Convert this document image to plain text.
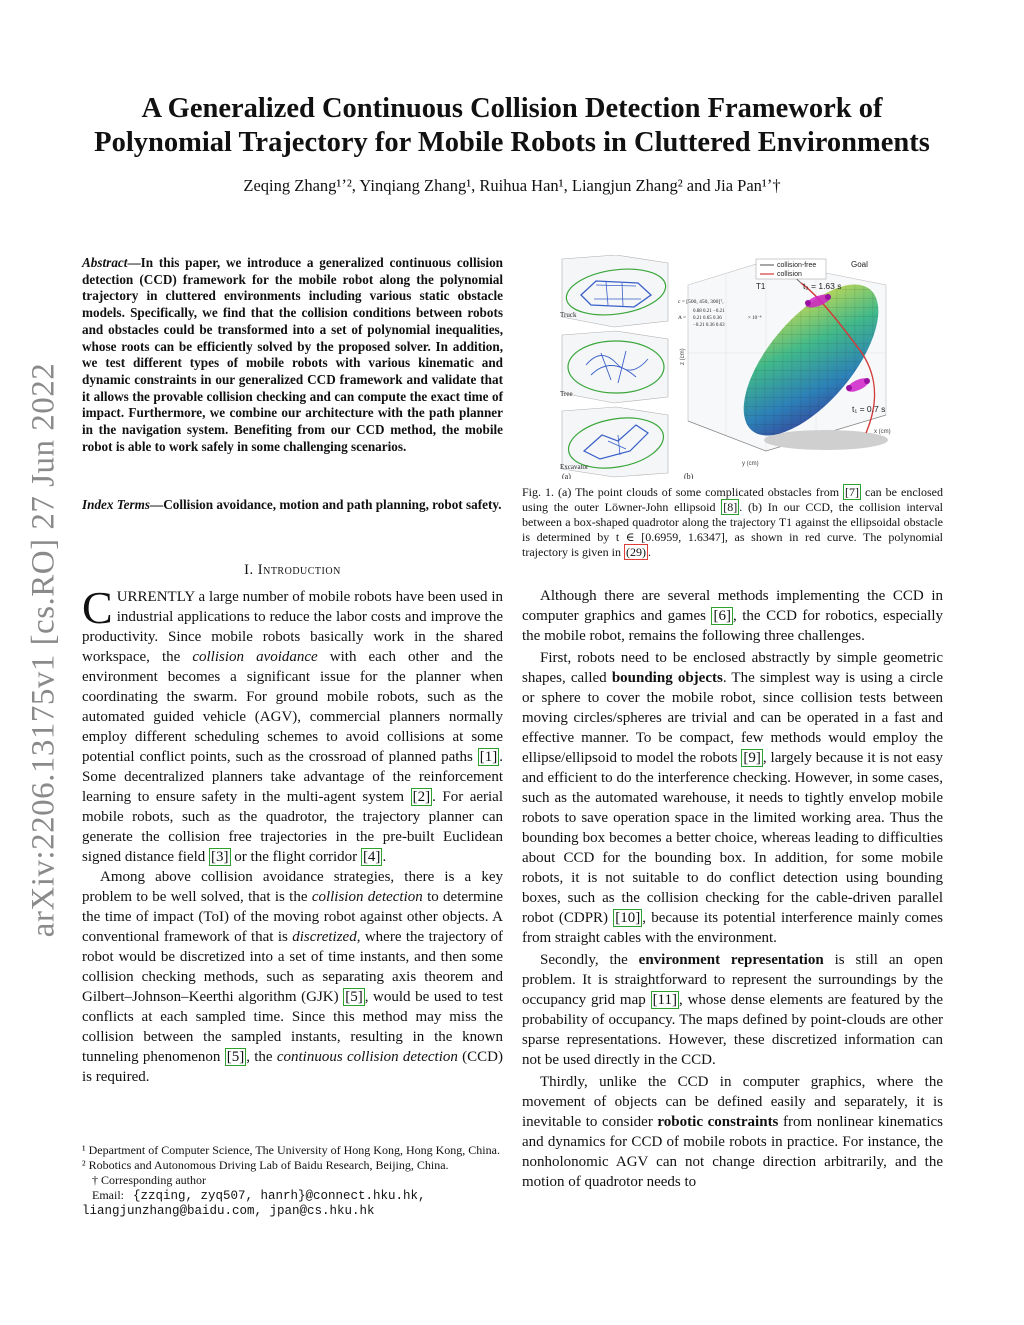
arXiv:2206.13175v1 [cs.RO] 27 Jun 2022
A Generalized Continuous Collision Detection Framework of
Polynomial Trajectory for Mobile Robots in Cluttered Environments
Zeqing Zhang¹ʼ², Yinqiang Zhang¹, Ruihua Han¹, Liangjun Zhang² and Jia Pan¹ʼ†
Abstract—In this paper, we introduce a generalized continuous collision detection (CCD) framework for the mobile robot along the polynomial trajectory in cluttered environments including various static obstacle models. Specifically, we find that the collision conditions between robots and obstacles could be transformed into a set of polynomial inequalities, whose roots can be efficiently solved by the proposed solver. In addition, we test different types of mobile robots with various kinematic and dynamic constraints in our generalized CCD framework and validate that it allows the provable collision checking and can compute the exact time of impact. Furthermore, we combine our architecture with the path planner in the navigation system. Benefiting from our CCD method, the mobile robot is able to work safely in some challenging scenarios.
Index Terms—Collision avoidance, motion and path planning, robot safety.
I. Introduction

CURRENTLY a large number of mobile robots have been used in industrial applications to reduce the labor costs and improve the productivity. Since mobile robots basically work in the shared workspace, the collision avoidance with each other and the environment becomes a significant issue for the planner when coordinating the swarm. For ground mobile robots, such as the automated guided vehicle (AGV), commercial planners normally employ different scheduling schemes to avoid collisions at some potential conflict points, such as the crossroad of planned paths [1] . Some decentralized planners take advantage of the reinforcement learning to ensure safety in the multi-agent system [2] . For aerial mobile robots, such as the quadrotor, the trajectory planner can generate the collision free trajectories in the pre-built Euclidean signed distance field [3] or the flight corridor [4] .

Among above collision avoidance strategies, there is a key problem to be well solved, that is the collision detection to determine the time of impact (ToI) of the moving robot against other objects. A conventional framework of that is discretized, where the trajectory of robot would be discretized into a set of time instants, and then some collision checking methods, such as separating axis theorem and Gilbert–Johnson–Keerthi algorithm (GJK) [5] , would be used to test conflicts at each sampled time. Since this method may miss the collision between the sampled instants, resulting in the known tunneling phenomenon [5] , the continuous collision detection (CCD) is required.

¹ Department of Computer Science, The University of Hong Kong, Hong Kong, China.

² Robotics and Autonomous Driving Lab of Baidu Research, Beijing, China.

† Corresponding author

Email: {zzqing, zyq507, hanrh}@connect.hku.hk,

liangjunzhang@baidu.com, jpan@cs.hku.hk

Truck
Tree
Excavator
(a)
collision-free
collision
Goal
T1	t₂ = 1.63 s
t₁ = 0.7 s
c = [500, 450, 300]ᵀ,
A =
0.88 0.21 −0.21
0.21 0.65 0.36
−0.21 0.36 0.63
× 10⁻⁴
y (cm)
x (cm)
z (cm)
(b)
Fig. 1. (a) The point clouds of some complicated obstacles from [7] can be enclosed using the outer Löwner-John ellipsoid [8] . (b) In our CCD, the collision interval between a box-shaped quadrotor along the trajectory T1 against the ellipsoidal obstacle is determined by t ∈ [0.6959, 1.6347], as shown in red curve. The polynomial trajectory is given in (29) .

Although there are several methods implementing the CCD in computer graphics and games [6] , the CCD for robotics, especially the mobile robot, remains the following three challenges.

First, robots need to be enclosed abstractly by simple geometric shapes, called bounding objects. The simplest way is using a circle or sphere to cover the mobile robot, since collision tests between moving circles/spheres are trivial and can be operated in a fast and effective manner. To be compact, few methods would employ the ellipse/ellipsoid to model the robots [9] , largely because it is not easy and efficient to do the interference checking. However, in some cases, such as the automated warehouse, it needs to tightly envelop mobile robots to save operation space in the limited working area. Thus the bounding box becomes a better choice, whereas leading to difficulties about CCD for the bounding box. In addition, for some mobile robots, it is not suitable to do conflict detection using bounding boxes, such as the collision checking for the cable-driven parallel robot (CDPR) [10] , because its potential interference mainly comes from straight cables with the environment.

Secondly, the environment representation is still an open problem. It is straightforward to represent the surroundings by the occupancy grid map [11] , whose dense elements are featured by the probability of occupancy. The maps defined by point-clouds are other sparse representations. However, these discretized information can not be used directly in the CCD.

Thirdly, unlike the CCD in computer graphics, where the movement of objects can be defined easily and separately, it is inevitable to consider robotic constraints from nonlinear kinematics and dynamics for CCD of mobile robots in practice. For instance, the nonholonomic AGV can not change direction arbitrarily, and the motion of quadrotor needs to
